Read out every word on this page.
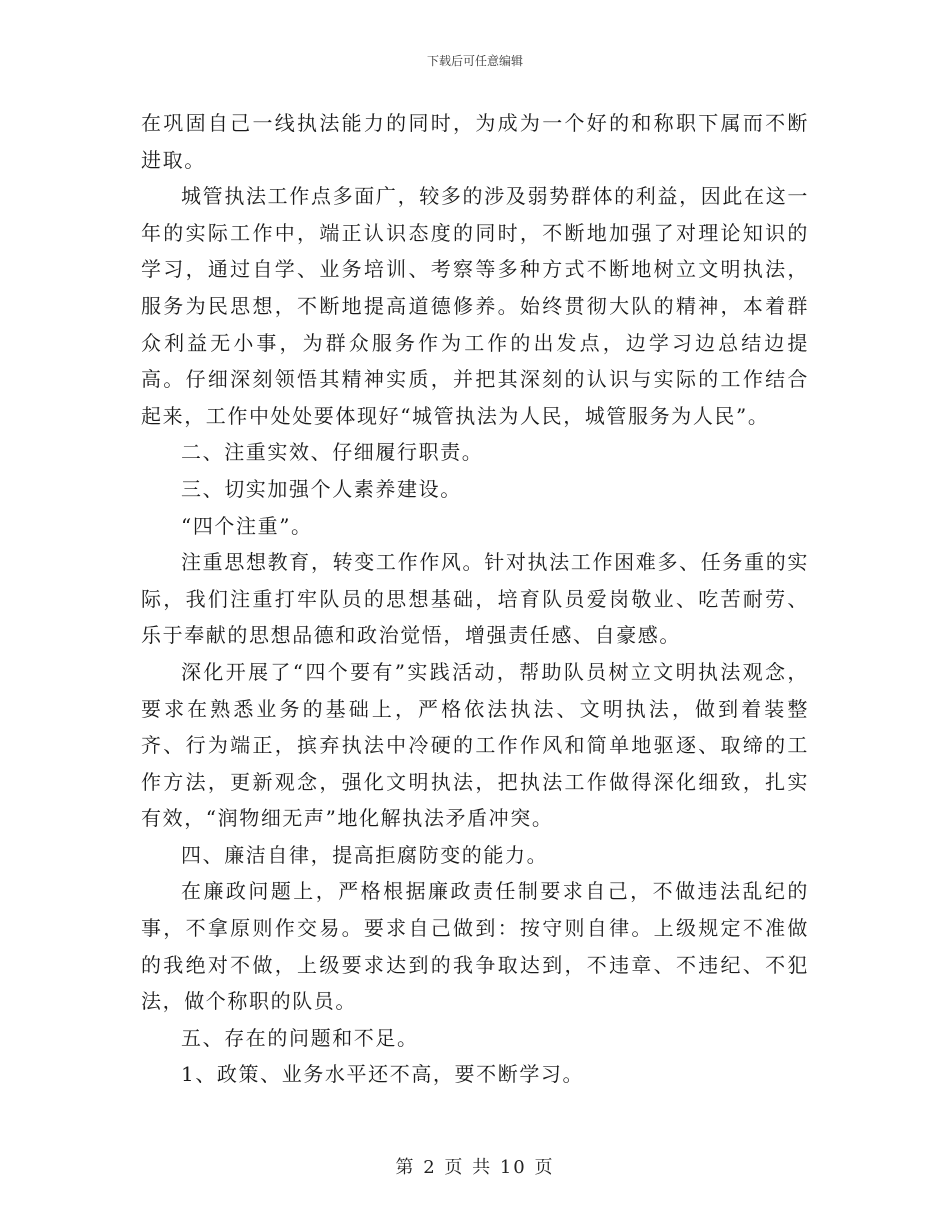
下载后可任意编辑

在巩固自己一线执法能力的同时，为成为一个好的和称职下属而不断进取。

城管执法工作点多面广，较多的涉及弱势群体的利益，因此在这一年的实际工作中，端正认识态度的同时，不断地加强了对理论知识的学习，通过自学、业务培训、考察等多种方式不断地树立文明执法，服务为民思想，不断地提高道德修养。始终贯彻大队的精神，本着群众利益无小事，为群众服务作为工作的出发点，边学习边总结边提高。仔细深刻领悟其精神实质，并把其深刻的认识与实际的工作结合起来，工作中处处要体现好“城管执法为人民，城管服务为人民”。

二、注重实效、仔细履行职责。

三、切实加强个人素养建设。

“四个注重”。

注重思想教育，转变工作作风。针对执法工作困难多、任务重的实际，我们注重打牢队员的思想基础，培育队员爱岗敬业、吃苦耐劳、乐于奉献的思想品德和政治觉悟，增强责任感、自豪感。

深化开展了“四个要有”实践活动，帮助队员树立文明执法观念，要求在熟悉业务的基础上，严格依法执法、文明执法，做到着装整齐、行为端正，摈弃执法中冷硬的工作作风和简单地驱逐、取缔的工作方法，更新观念，强化文明执法，把执法工作做得深化细致，扎实有效，“润物细无声”地化解执法矛盾冲突。

四、廉洁自律，提高拒腐防变的能力。

在廉政问题上，严格根据廉政责任制要求自己，不做违法乱纪的事，不拿原则作交易。要求自己做到：按守则自律。上级规定不准做的我绝对不做，上级要求达到的我争取达到，不违章、不违纪、不犯法，做个称职的队员。

五、存在的问题和不足。

1、政策、业务水平还不高，要不断学习。

第 2 页 共 10 页
